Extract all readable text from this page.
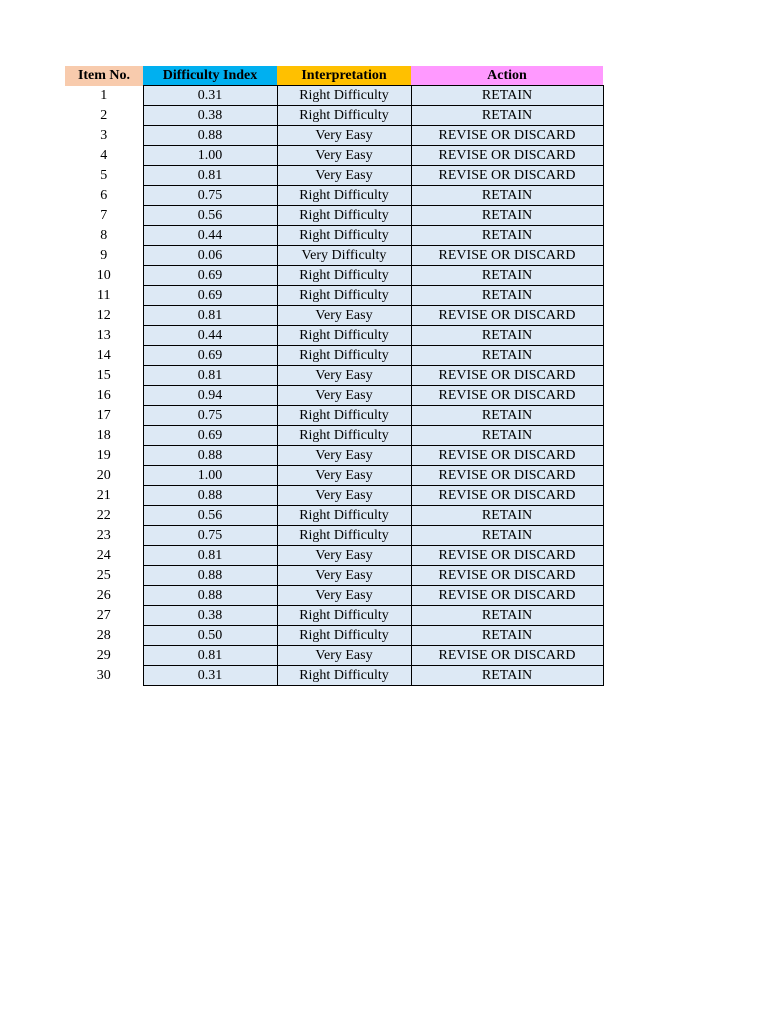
Item No.	Difficulty Index	Interpretation	Action
1	0.31	Right Difficulty	RETAIN
2	0.38	Right Difficulty	RETAIN
3	0.88	Very Easy	REVISE OR DISCARD
4	1.00	Very Easy	REVISE OR DISCARD
5	0.81	Very Easy	REVISE OR DISCARD
6	0.75	Right Difficulty	RETAIN
7	0.56	Right Difficulty	RETAIN
8	0.44	Right Difficulty	RETAIN
9	0.06	Very Difficulty	REVISE OR DISCARD
10	0.69	Right Difficulty	RETAIN
11	0.69	Right Difficulty	RETAIN
12	0.81	Very Easy	REVISE OR DISCARD
13	0.44	Right Difficulty	RETAIN
14	0.69	Right Difficulty	RETAIN
15	0.81	Very Easy	REVISE OR DISCARD
16	0.94	Very Easy	REVISE OR DISCARD
17	0.75	Right Difficulty	RETAIN
18	0.69	Right Difficulty	RETAIN
19	0.88	Very Easy	REVISE OR DISCARD
20	1.00	Very Easy	REVISE OR DISCARD
21	0.88	Very Easy	REVISE OR DISCARD
22	0.56	Right Difficulty	RETAIN
23	0.75	Right Difficulty	RETAIN
24	0.81	Very Easy	REVISE OR DISCARD
25	0.88	Very Easy	REVISE OR DISCARD
26	0.88	Very Easy	REVISE OR DISCARD
27	0.38	Right Difficulty	RETAIN
28	0.50	Right Difficulty	RETAIN
29	0.81	Very Easy	REVISE OR DISCARD
30	0.31	Right Difficulty	RETAIN
